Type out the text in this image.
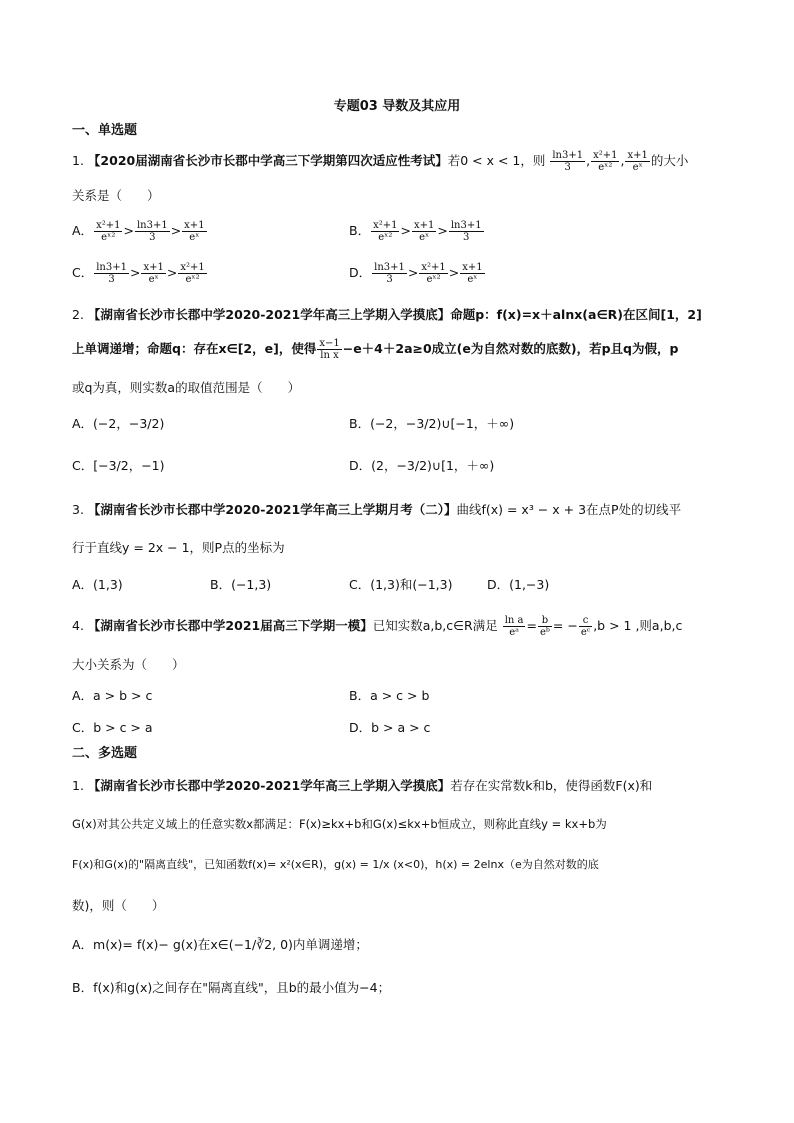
专题03 导数及其应用
一、单选题
1. 【2020届湖南省长沙市长郡中学高三下学期第四次适应性考试】若0 < x < 1，则 $\frac{\ln 3+1}{3}$ , $\frac{\text{x²+1}}{\text{eˣ²}}$ , $\frac{x+1}{\text{eˣ}}$ 的大小
关系是（　　）
A． $\frac{\text{x²+1}}{\text{eˣ²}} > \frac{\ln 3+1}{3} > \frac{x+1}{\text{eˣ}}$	B． $\frac{\text{x²+1}}{\text{eˣ²}} > \frac{x+1}{\text{eˣ}} > \frac{\ln 3+1}{3}$
C． $\frac{\ln 3+1}{3} > \frac{x+1}{\text{eˣ}} > \frac{\text{x²+1}}{\text{eˣ²}}$	D． $\frac{\ln 3+1}{3} > \frac{\text{x²+1}}{\text{eˣ²}} > \frac{x+1}{\text{eˣ}}$
2. 【湖南省长沙市长郡中学2020-2021学年高三上学期入学摸底】命题p：f(x)=x＋alnx(a∈R)在区间[1，2]
上单调递增；命题q：存在x∈[2，e]，使得 $\frac{x-1}{\text{ln x}} -e+4+2a\ge 0$成立(e为自然对数的底数)，若p且q为假，p
或q为真，则实数a的取值范围是（　　）
A．(−2，−3/2)	B．(−2，−3/2)∪[−1，＋∞)
C．[−3/2，−1)	D．(2，−3/2)∪[1，＋∞)
3. 【湖南省长沙市长郡中学2020-2021学年高三上学期月考（二）】曲线f(x) = x³ − x + 3在点P处的切线平
行于直线y = 2x − 1，则P点的坐标为
A．(1,3)	B．(−1,3)	C．(1,3)和(−1,3)	D．(1,−3)
4. 【湖南省长沙市长郡中学2021届高三下学期一模】已知实数a,b,c∈R满足 $\frac{\text{ln a}}{\text{eᵃ}} = \frac{b}{\text{eᵇ}}$ = − $\frac{c}{\text{eᶜ}} ,b > 1$ ,则a,b,c
大小关系为（　　）
A．a > b > c	B．a > c > b
C．b > c > a	D．b > a > c
二、多选题
1. 【湖南省长沙市长郡中学2020-2021学年高三上学期入学摸底】若存在实常数k和b，使得函数F(x)和
G(x)对其公共定义域上的任意实数x都满足：F(x)≥kx+b和G(x)≤kx+b恒成立，则称此直线y = kx+b为
F(x)和G(x)的"隔离直线"，已知函数f(x)= x²(x∈R)，g(x) = 1/x (x<0)，h(x) = 2elnx（e为自然对数的底
数)，则（　　）
A．m(x)= f(x)− g(x)在x∈(−1/∛2, 0)内单调递增；
B．f(x)和g(x)之间存在"隔离直线"，且b的最小值为−4；
